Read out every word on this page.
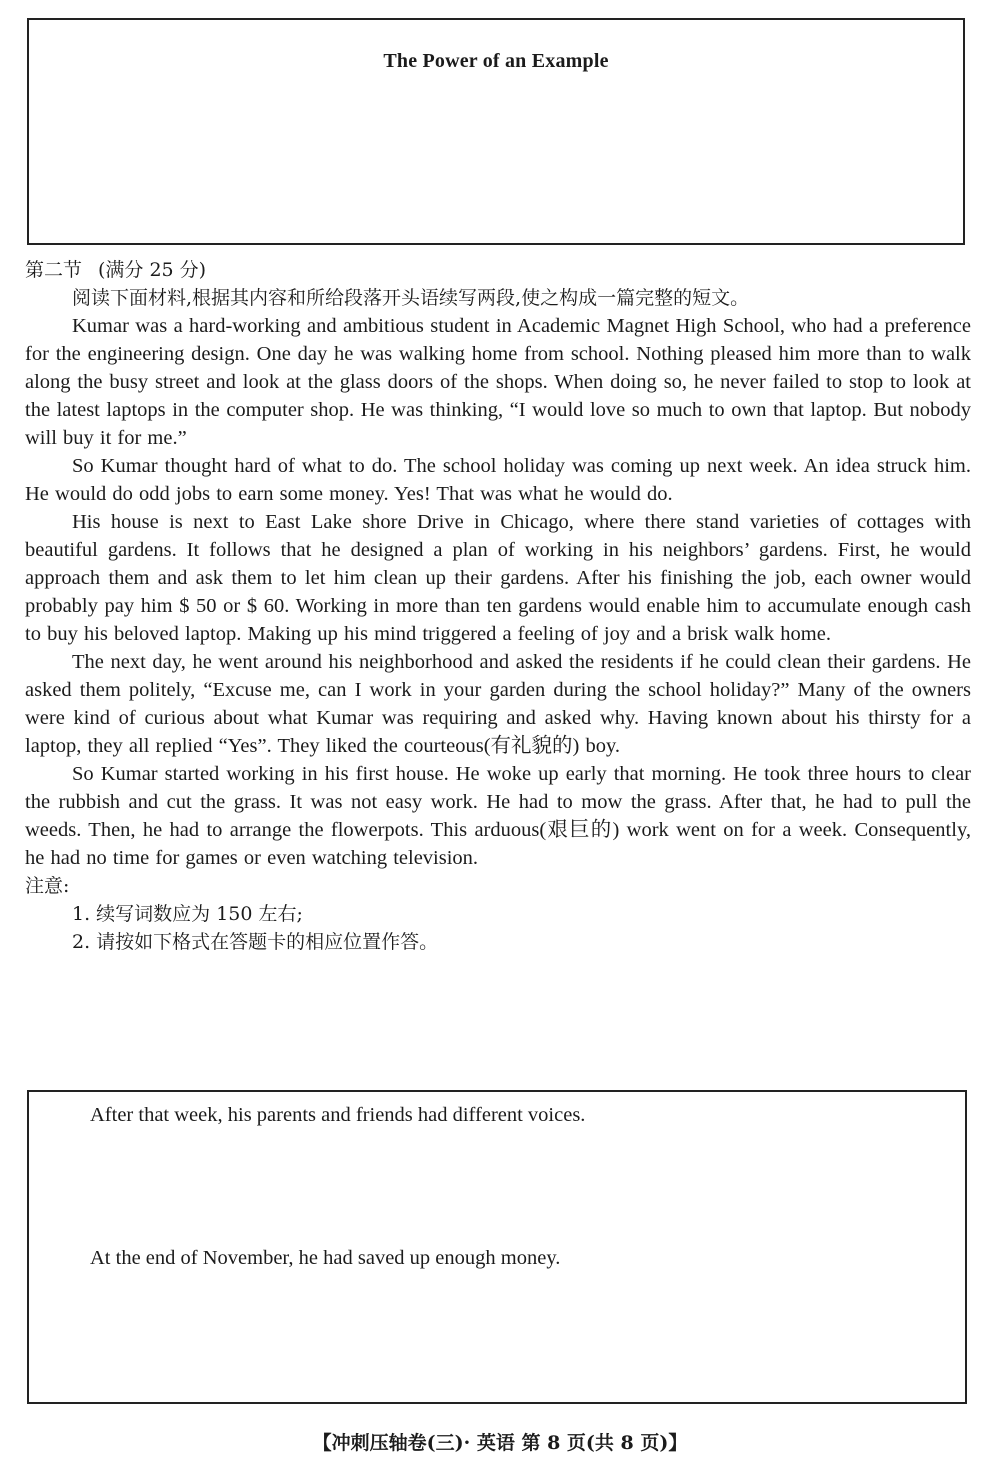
The Power of an Example
第二节 (满分 25 分)
阅读下面材料,根据其内容和所给段落开头语续写两段,使之构成一篇完整的短文。

Kumar was a hard-working and ambitious student in Academic Magnet High School, who had a preference for the engineering design. One day he was walking home from school. Nothing pleased him more than to walk along the busy street and look at the glass doors of the shops. When doing so, he never failed to stop to look at the latest laptops in the computer shop. He was thinking, “I would love so much to own that laptop. But nobody will buy it for me.”

So Kumar thought hard of what to do. The school holiday was coming up next week. An idea struck him. He would do odd jobs to earn some money. Yes! That was what he would do.

His house is next to East Lake shore Drive in Chicago, where there stand varieties of cottages with beautiful gardens. It follows that he designed a plan of working in his neighbors’ gardens. First, he would approach them and ask them to let him clean up their gardens. After his finishing the job, each owner would probably pay him $ 50 or $ 60. Working in more than ten gardens would enable him to accumulate enough cash to buy his beloved laptop. Making up his mind triggered a feeling of joy and a brisk walk home.

The next day, he went around his neighborhood and asked the residents if he could clean their gardens. He asked them politely, “Excuse me, can I work in your garden during the school holiday?” Many of the owners were kind of curious about what Kumar was requiring and asked why. Having known about his thirsty for a laptop, they all replied “Yes”. They liked the courteous(有礼貌的) boy.

So Kumar started working in his first house. He woke up early that morning. He took three hours to clear the rubbish and cut the grass. It was not easy work. He had to mow the grass. After that, he had to pull the weeds. Then, he had to arrange the flowerpots. This arduous(艰巨的) work went on for a week. Consequently, he had no time for games or even watching television.

注意:
1. 续写词数应为 150 左右;
2. 请按如下格式在答题卡的相应位置作答。
After that week, his parents and friends had different voices.
At the end of November, he had saved up enough money.
【冲刺压轴卷(三)· 英语 第 8 页(共 8 页)】
